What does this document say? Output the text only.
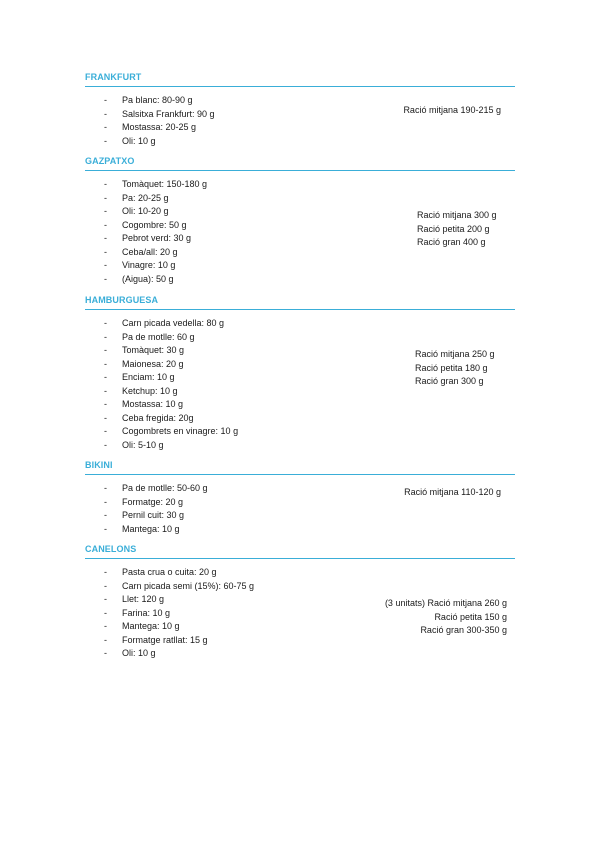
FRANKFURT
- Pa blanc: 80-90 g
- Salsitxa Frankfurt: 90 g
- Mostassa: 20-25 g
- Oli: 10 g
Ració mitjana 190-215 g
GAZPATXO
- Tomàquet: 150-180 g
- Pa: 20-25 g
- Oli: 10-20 g
- Cogombre: 50 g
- Pebrot verd: 30 g
- Ceba/all: 20 g
- Vinagre: 10 g
- (Aigua): 50 g
Ració mitjana 300 g
Ració petita 200 g
Ració gran 400 g
HAMBURGUESA
- Carn picada vedella: 80 g
- Pa de motlle: 60 g
- Tomàquet: 30 g
- Maionesa: 20 g
- Enciam: 10 g
- Ketchup: 10 g
- Mostassa: 10 g
- Ceba fregida: 20g
- Cogombrets en vinagre: 10 g
- Oli: 5-10 g
Ració mitjana 250 g
Ració petita 180 g
Ració gran 300 g
BIKINI
- Pa de motlle: 50-60 g
- Formatge: 20 g
- Pernil cuit: 30 g
- Mantega: 10 g
Ració mitjana 110-120 g
CANELONS
- Pasta crua o cuita: 20 g
- Carn picada semi (15%): 60-75 g
- Llet: 120 g
- Farina: 10 g
- Mantega: 10 g
- Formatge ratllat: 15 g
- Oli: 10 g
(3 unitats) Ració mitjana 260 g
Ració petita 150 g
Ració gran 300-350 g
